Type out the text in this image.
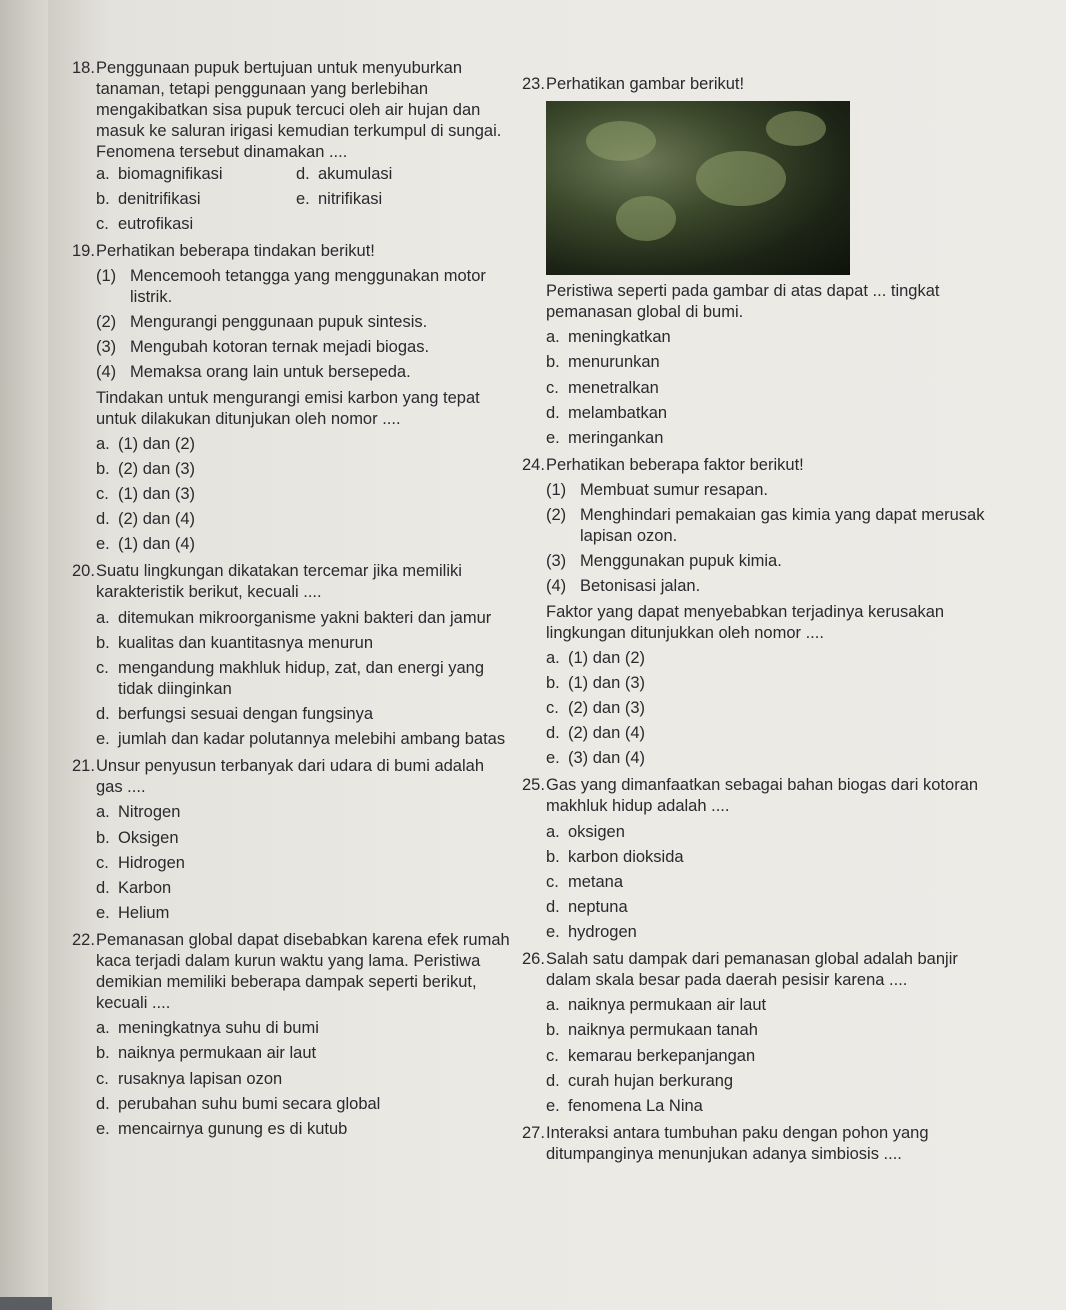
18. Penggunaan pupuk bertujuan untuk menyuburkan tanaman, tetapi penggunaan yang berlebihan mengakibatkan sisa pupuk tercuci oleh air hujan dan masuk ke saluran irigasi kemudian terkumpul di sungai. Fenomena tersebut dinamakan ....
a. biomagnifikasi	d. akumulasi
b. denitrifikasi	e. nitrifikasi
c. eutrofikasi
19. Perhatikan beberapa tindakan berikut!
(1) Mencemooh tetangga yang menggunakan motor listrik.
(2) Mengurangi penggunaan pupuk sintesis.
(3) Mengubah kotoran ternak mejadi biogas.
(4) Memaksa orang lain untuk bersepeda.
Tindakan untuk mengurangi emisi karbon yang tepat untuk dilakukan ditunjukan oleh nomor ....
a. (1) dan (2)
b. (2) dan (3)
c. (1) dan (3)
d. (2) dan (4)
e. (1) dan (4)
20. Suatu lingkungan dikatakan tercemar jika memiliki karakteristik berikut, kecuali ....
a. ditemukan mikroorganisme yakni bakteri dan jamur
b. kualitas dan kuantitasnya menurun
c. mengandung makhluk hidup, zat, dan energi yang tidak diinginkan
d. berfungsi sesuai dengan fungsinya
e. jumlah dan kadar polutannya melebihi ambang batas
21. Unsur penyusun terbanyak dari udara di bumi adalah gas ....
a. Nitrogen
b. Oksigen
c. Hidrogen
d. Karbon
e. Helium
22. Pemanasan global dapat disebabkan karena efek rumah kaca terjadi dalam kurun waktu yang lama. Peristiwa demikian memiliki beberapa dampak seperti berikut, kecuali ....
a. meningkatnya suhu di bumi
b. naiknya permukaan air laut
c. rusaknya lapisan ozon
d. perubahan suhu bumi secara global
e. mencairnya gunung es di kutub
23. Perhatikan gambar berikut!
Peristiwa seperti pada gambar di atas dapat ... tingkat pemanasan global di bumi.
a. meningkatkan
b. menurunkan
c. menetralkan
d. melambatkan
e. meringankan
24. Perhatikan beberapa faktor berikut!
(1) Membuat sumur resapan.
(2) Menghindari pemakaian gas kimia yang dapat merusak lapisan ozon.
(3) Menggunakan pupuk kimia.
(4) Betonisasi jalan.
Faktor yang dapat menyebabkan terjadinya kerusakan lingkungan ditunjukkan oleh nomor ....
a. (1) dan (2)
b. (1) dan (3)
c. (2) dan (3)
d. (2) dan (4)
e. (3) dan (4)
25. Gas yang dimanfaatkan sebagai bahan biogas dari kotoran makhluk hidup adalah ....
a. oksigen
b. karbon dioksida
c. metana
d. neptuna
e. hydrogen
26. Salah satu dampak dari pemanasan global adalah banjir dalam skala besar pada daerah pesisir karena ....
a. naiknya permukaan air laut
b. naiknya permukaan tanah
c. kemarau berkepanjangan
d. curah hujan berkurang
e. fenomena La Nina
27. Interaksi antara tumbuhan paku dengan pohon yang ditumpanginya menunjukan adanya simbiosis ....
